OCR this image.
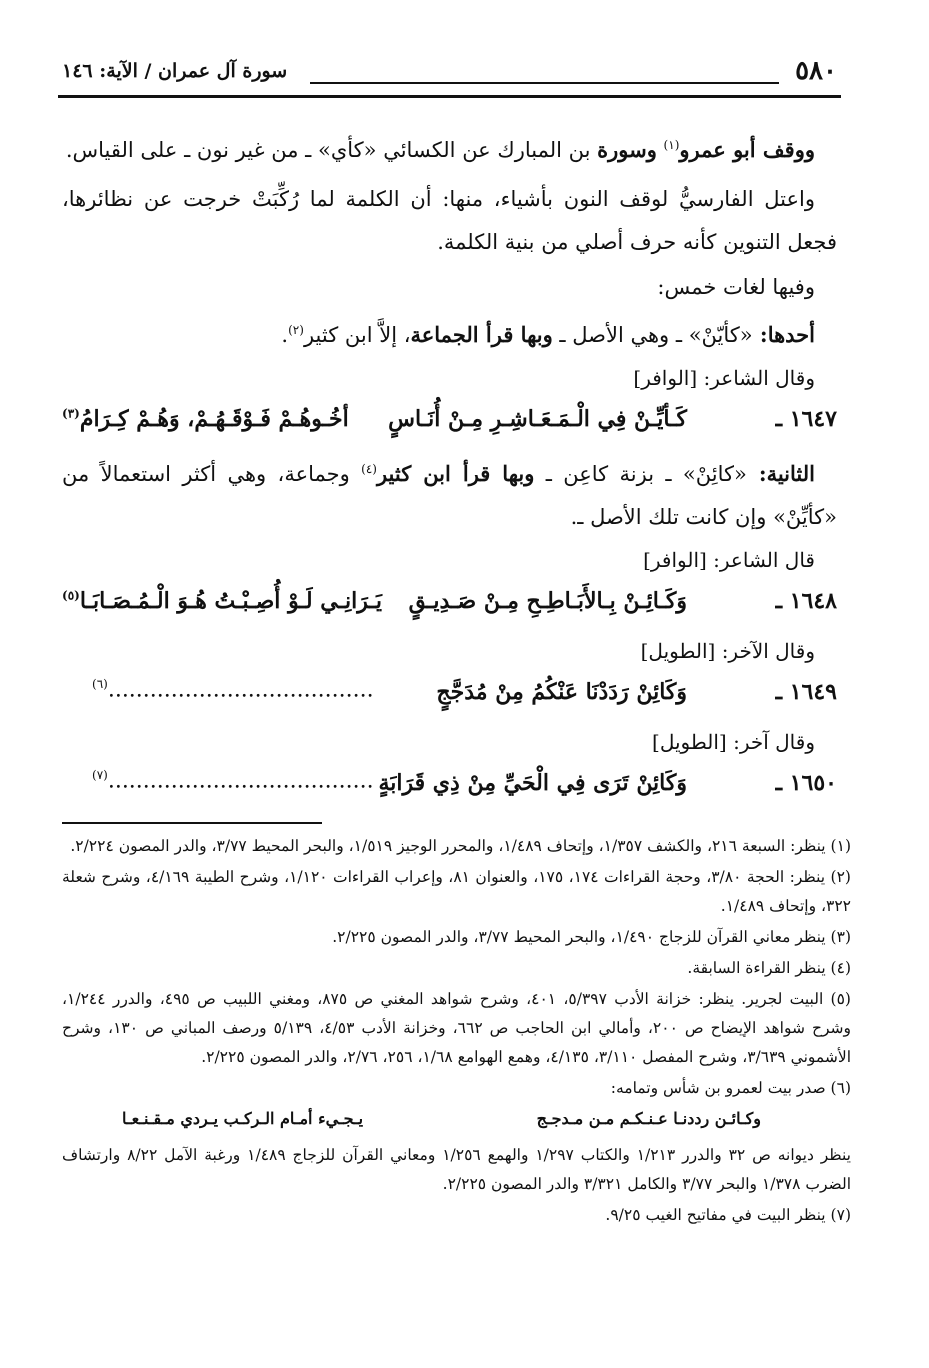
٥٨٠
سورة آل عمران / الآية: ١٤٦

ووقف أبو عمرو$^{(١)}$ وسورة بن المبارك عن الكسائي «كأي» ـ من غير نون ـ على القياس.

واعتل الفارسيُّ لوقف النون بأشياء، منها: أن الكلمة لما رُكِّبَتْ خرجت عن نظائرها، فجعل التنوين كأنه حرف أصلي من بنية الكلمة.

وفيها لغات خمس:

أحدها: «كأيّنْ» ـ وهي الأصل ـ وبها قرأ الجماعة، إلاَّ ابن كثير$^{(٢)}$.

وقال الشاعر: [الوافر]

١٦٤٧ ـ
كَـأيِّـنْ فِي الْـمَـعَـاشِـرِ مِـنْ أُنَـاسٍ
أخُـوهُـمْ فَـوْقَـهُـمْ، وَهُـمْ كِـرَامُ$^{(٣)}$

الثانية: «كائِنْ» ـ بزنة كاعِن ـ وبها قرأ ابن كثير$^{(٤)}$ وجماعة، وهي أكثر استعمالاً من «كأيِّنْ» وإن كانت تلك الأصل ـ.

قال الشاعر: [الوافر]

١٦٤٨ ـ
وَكَـائِـنْ بِـالأَبَـاطِـحِ مِـنْ صَـدِيـقٍ
يَـرَانِـي لَـوْ أُصِـبْـتُ هُـوَ الْـمُـصَـابَـا$^{(٥)}$

وقال الآخر: [الطويل]

١٦٤٩ ـ
وَكَائِنْ رَدَدْنَا عَنْكُمُ مِنْ مُدَجَّجٍ
......................................$^{(٦)}$

وقال آخر: [الطويل]

١٦٥٠ ـ
وَكَائِنْ تَرَى فِي الْحَيِّ مِنْ ذِي قَرَابَةٍ
......................................$^{(٧)}$

(١) ينظر: السبعة ٢١٦، والكشف ١/٣٥٧، وإتحاف ١/٤٨٩، والمحرر الوجيز ١/٥١٩، والبحر المحيط ٣/٧٧، والدر المصون ٢/٢٢٤.

(٢) ينظر: الحجة ٣/٨٠، وحجة القراءات ١٧٤، ١٧٥، والعنوان ٨١، وإعراب القراءات ١/١٢٠، وشرح الطيبة ٤/١٦٩، وشرح شعلة ٣٢٢، وإتحاف ١/٤٨٩.

(٣) ينظر معاني القرآن للزجاج ١/٤٩٠، والبحر المحيط ٣/٧٧، والدر المصون ٢/٢٢٥.

(٤) ينظر القراءة السابقة.

(٥) البيت لجرير. ينظر: خزانة الأدب ٥/٣٩٧، ٤٠١، وشرح شواهد المغني ص ٨٧٥، ومغني اللبيب ص ٤٩٥، والدرر ١/٢٤٤، وشرح شواهد الإيضاح ص ٢٠٠، وأمالي ابن الحاجب ص ٦٦٢، وخزانة الأدب ٤/٥٣، ٥/١٣٩ ورصف المباني ص ١٣٠، وشرح الأشموني ٣/٦٣٩، وشرح المفصل ٣/١١٠، ٤/١٣٥، وهمع الهوامع ١/٦٨، ٢٥٦، ٢/٧٦، والدر المصون ٢/٢٢٥.

(٦) صدر بيت لعمرو بن شأس وتمامه:

وكـائـن رددنـا عـنـكـم مـن مـدجـج
يـجـيء أمـام الـركـب يـردي مـقـنـعـا

ينظر ديوانه ص ٣٢ والدرر ١/٢١٣ والكتاب ١/٢٩٧ والهمع ١/٢٥٦ ومعاني القرآن للزجاج ١/٤٨٩ ورغبة الآمل ٨/٢٢ وارتشاف الضرب ١/٣٧٨ والبحر ٣/٧٧ والكامل ٣/٣٢١ والدر المصون ٢/٢٢٥.

(٧) ينظر البيت في مفاتيح الغيب ٩/٢٥.
